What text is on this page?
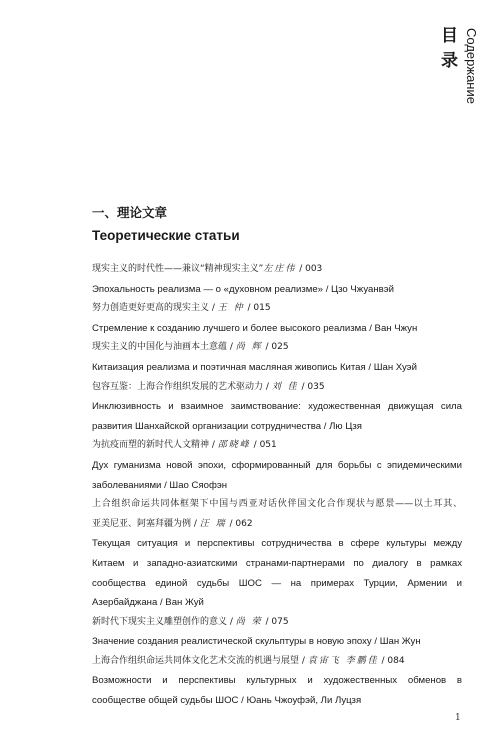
目录 Содержание
一、理论文章
Теоретические статьи
现实主义的时代性——兼议“精神现实主义”左庄伟 / 003
Эпохальность реализма — о «духовном реализме» / Цзо Чжуанвэй
努力创造更好更高的现实主义 / 王 仲 / 015
Стремление к созданию лучшего и более высокого реализма / Ван Чжун
现实主义的中国化与油画本土意蕴 / 尚 辉 / 025
Китаизация реализма и поэтичная масляная живопись Китая / Шан Хуэй
包容互鉴：上海合作组织发展的艺术驱动力 / 刘 佳 / 035
Инклюзивность и взаимное заимствование: художественная движущая сила
развития Шанхайской организации сотрудничества / Лю Цзя
为抗疫而塑的新时代人文精神 / 邵晓峰 / 051
Дух гуманизма новой эпохи, сформированный для борьбы с эпидемическими
заболеваниями / Шао Сяофэн
上合组织命运共同体框架下中国与西亚对话伙伴国文化合作现状与愿景——以土耳其、
亚美尼亚、阿塞拜疆为例 / 汪 瑞 / 062
Текущая ситуация и перспективы сотрудничества в сфере культуры между
Китаем и западно-азиатскими странами-партнерами по диалогу в рамках
сообщества единой судьбы ШОС — на примерах Турции, Армении и
Азербайджана / Ван Жуй
新时代下现实主义雕塑创作的意义 / 尚 荣 / 075
Значение создания реалистической скульптуры в новую эпоху / Шан Жун
上海合作组织命运共同体文化艺术交流的机遇与展望 / 袁宙飞 李鹏佳 / 084
Возможности и перспективы культурных и художественных обменов в
сообществе общей судьбы ШОС / Юань Чжоуфэй, Ли Луцзя
1
